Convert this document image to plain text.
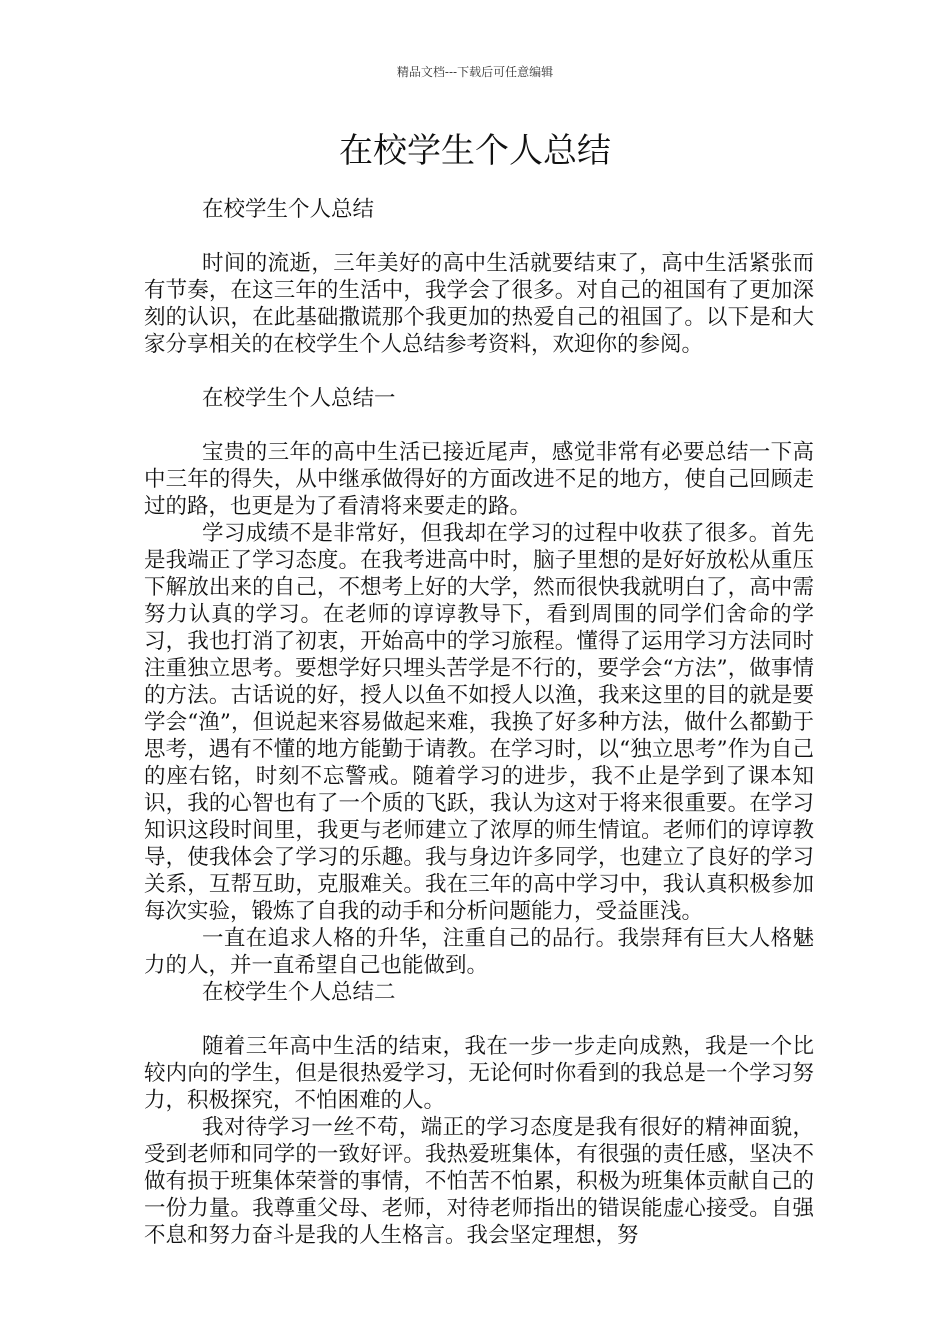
精品文档---下载后可任意编辑
在校学生个人总结

在校学生个人总结

时间的流逝，三年美好的高中生活就要结束了，高中生活紧张而有节奏，在这三年的生活中，我学会了很多。对自己的祖国有了更加深刻的认识，在此基础撒谎那个我更加的热爱自己的祖国了。以下是和大家分享相关的在校学生个人总结参考资料，欢迎你的参阅。

在校学生个人总结一

宝贵的三年的高中生活已接近尾声，感觉非常有必要总结一下高中三年的得失，从中继承做得好的方面改进不足的地方，使自己回顾走过的路，也更是为了看清将来要走的路。

学习成绩不是非常好，但我却在学习的过程中收获了很多。首先是我端正了学习态度。在我考进高中时，脑子里想的是好好放松从重压下解放出来的自己，不想考上好的大学，然而很快我就明白了，高中需努力认真的学习。在老师的谆谆教导下，看到周围的同学们舍命的学习，我也打消了初衷，开始高中的学习旅程。懂得了运用学习方法同时注重独立思考。要想学好只埋头苦学是不行的，要学会“方法”，做事情的方法。古话说的好，授人以鱼不如授人以渔，我来这里的目的就是要学会“渔”，但说起来容易做起来难，我换了好多种方法，做什么都勤于思考，遇有不懂的地方能勤于请教。在学习时，以“独立思考”作为自己的座右铭，时刻不忘警戒。随着学习的进步，我不止是学到了课本知识，我的心智也有了一个质的飞跃，我认为这对于将来很重要。在学习知识这段时间里，我更与老师建立了浓厚的师生情谊。老师们的谆谆教导，使我体会了学习的乐趣。我与身边许多同学，也建立了良好的学习关系，互帮互助，克服难关。我在三年的高中学习中，我认真积极参加每次实验，锻炼了自我的动手和分析问题能力，受益匪浅。

一直在追求人格的升华，注重自己的品行。我崇拜有巨大人格魅力的人，并一直希望自己也能做到。

在校学生个人总结二

随着三年高中生活的结束，我在一步一步走向成熟，我是一个比较内向的学生，但是很热爱学习，无论何时你看到的我总是一个学习努力，积极探究，不怕困难的人。

我对待学习一丝不苟，端正的学习态度是我有很好的精神面貌，受到老师和同学的一致好评。我热爱班集体，有很强的责任感，坚决不做有损于班集体荣誉的事情，不怕苦不怕累，积极为班集体贡献自己的一份力量。我尊重父母、老师，对待老师指出的错误能虚心接受。自强不息和努力奋斗是我的人生格言。我会坚定理想，努
